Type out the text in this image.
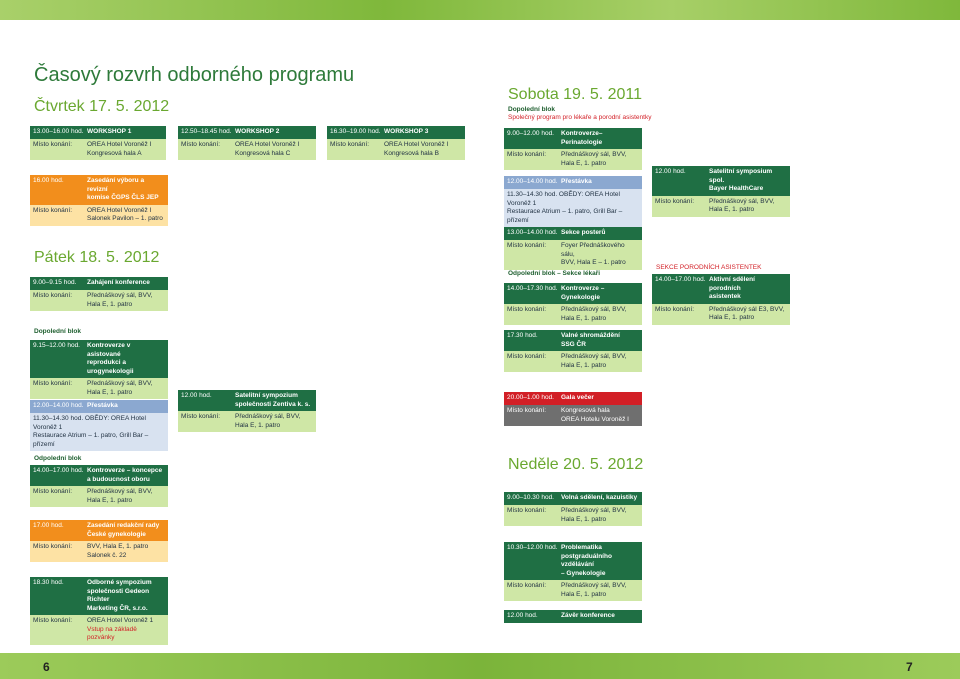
Časový rozvrh odborného programu
Čtvrtek 17. 5. 2012
13.00–16.00 hod. WORKSHOP 1
Místo konání:	OREA Hotel Voroněž I
Kongresová hala A
12.50–18.45 hod. WORKSHOP 2
Místo konání:	OREA Hotel Voroněž I
Kongresová hala C
16.30–19.00 hod. WORKSHOP 3
Místo konání:	OREA Hotel Voroněž I
Kongresová hala B
16.00 hod.	Zasedání výboru a revizní
komise ČGPS ČLS JEP
Místo konání:	OREA Hotel Voroněž I
Salonek Pavilon – 1. patro
Pátek 18. 5. 2012
9.00–9.15 hod.	Zahájení konference
Místo konání:	Přednáškový sál, BVV,
Hala E, 1. patro
Dopolední blok
9.15–12.00 hod.	Kontroverze v asistované
reprodukci a urogynekologii
Místo konání:	Přednáškový sál, BVV,
Hala E, 1. patro
12.00–14.00 hod. Přestávka
11.30–14.30 hod. OBĚDY: OREA Hotel Voroněž 1
Restaurace Atrium – 1. patro, Grill Bar – přízemí
12.00 hod.	Satelitní sympozium
společnosti Zentiva k. s.
Místo konání:	Přednáškový sál, BVV,
Hala E, 1. patro
Odpolední blok
14.00–17.00 hod. Kontroverze – koncepce
a budoucnost oboru
Místo konání:	Přednáškový sál, BVV,
Hala E, 1. patro
17.00 hod.	Zasedání redakční rady
České gynekologie
Místo konání:	BVV, Hala E, 1. patro
Salonek č. 22
18.30 hod.	Odborné sympozium
společnosti Gedeon Richter
Marketing ČR, s.r.o.
Místo konání:	OREA Hotel Voroněž 1
Vstup na základě pozvánky
Sobota 19. 5. 2011
Dopolední blok
Společný program pro lékaře a porodní asistentky
9.00–12.00 hod.	Kontroverze–Perinatologie
Místo konání:	Přednáškový sál, BVV,
Hala E, 1. patro
12.00–14.00 hod. Přestávka
11.30–14.30 hod. OBĚDY: OREA Hotel Voroněž 1
Restaurace Atrium – 1. patro, Grill Bar – přízemí
12.00 hod.	Satelitní symposium spol.
Bayer HealthCare
Místo konání:	Přednáškový sál, BVV,
Hala E, 1. patro
13.00–14.00 hod. Sekce posterů
Místo konání:	Foyer Přednáškového sálu,
BVV, Hala E – 1. patro
Odpolední blok – Sekce lékaři
SEKCE PORODNÍCH ASISTENTEK
14.00–17.30 hod. Kontroverze – Gynekologie
Místo konání:	Přednáškový sál, BVV,
Hala E, 1. patro
14.00–17.00 hod. Aktivní sdělení porodních
asistentek
Místo konání:	Přednáškový sál E3, BVV,
Hala E, 1. patro
17.30 hod.	Valné shromáždění
SSG ČR
Místo konání:	Přednáškový sál, BVV,
Hala E, 1. patro
20.00–1.00 hod.	Gala večer
Místo konání:	Kongresová hala
OREA Hotelu Voroněž I
Neděle 20. 5. 2012
9.00–10.30 hod.	Volná sdělení, kazuistiky
Místo konání:	Přednáškový sál, BVV,
Hala E, 1. patro
10.30–12.00 hod. Problematika
postgraduálního vzdělávání
– Gynekologie
Místo konání:	Přednáškový sál, BVV,
Hala E, 1. patro
12.00 hod.	Závěr konference
6	7
